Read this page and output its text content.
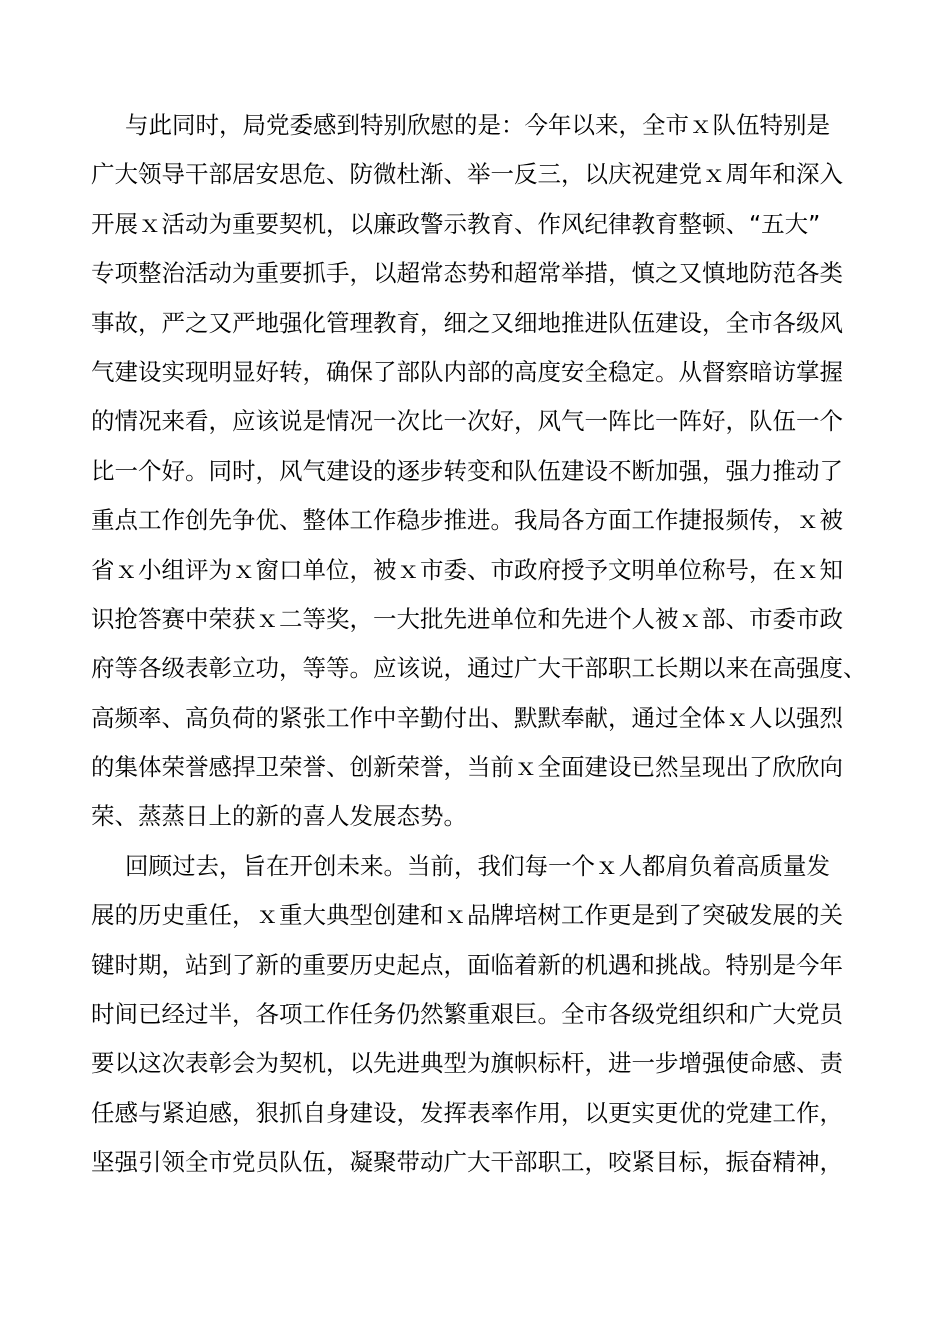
与此同时，局党委感到特别欣慰的是：今年以来，全市ｘ队伍特别是
广大领导干部居安思危、防微杜渐、举一反三，以庆祝建党ｘ周年和深入
开展ｘ活动为重要契机，以廉政警示教育、作风纪律教育整顿、“五大”
专项整治活动为重要抓手，以超常态势和超常举措，慎之又慎地防范各类
事故，严之又严地强化管理教育，细之又细地推进队伍建设，全市各级风
气建设实现明显好转，确保了部队内部的高度安全稳定。从督察暗访掌握
的情况来看，应该说是情况一次比一次好，风气一阵比一阵好，队伍一个
比一个好。同时，风气建设的逐步转变和队伍建设不断加强，强力推动了
重点工作创先争优、整体工作稳步推进。我局各方面工作捷报频传，ｘ被
省ｘ小组评为ｘ窗口单位，被ｘ市委、市政府授予文明单位称号，在ｘ知
识抢答赛中荣获ｘ二等奖，一大批先进单位和先进个人被ｘ部、市委市政
府等各级表彰立功，等等。应该说，通过广大干部职工长期以来在高强度、
高频率、高负荷的紧张工作中辛勤付出、默默奉献，通过全体ｘ人以强烈
的集体荣誉感捍卫荣誉、创新荣誉，当前ｘ全面建设已然呈现出了欣欣向
荣、蒸蒸日上的新的喜人发展态势。
回顾过去，旨在开创未来。当前，我们每一个ｘ人都肩负着高质量发
展的历史重任，ｘ重大典型创建和ｘ品牌培树工作更是到了突破发展的关
键时期，站到了新的重要历史起点，面临着新的机遇和挑战。特别是今年
时间已经过半，各项工作任务仍然繁重艰巨。全市各级党组织和广大党员
要以这次表彰会为契机，以先进典型为旗帜标杆，进一步增强使命感、责
任感与紧迫感，狠抓自身建设，发挥表率作用，以更实更优的党建工作，
坚强引领全市党员队伍，凝聚带动广大干部职工，咬紧目标，振奋精神，
